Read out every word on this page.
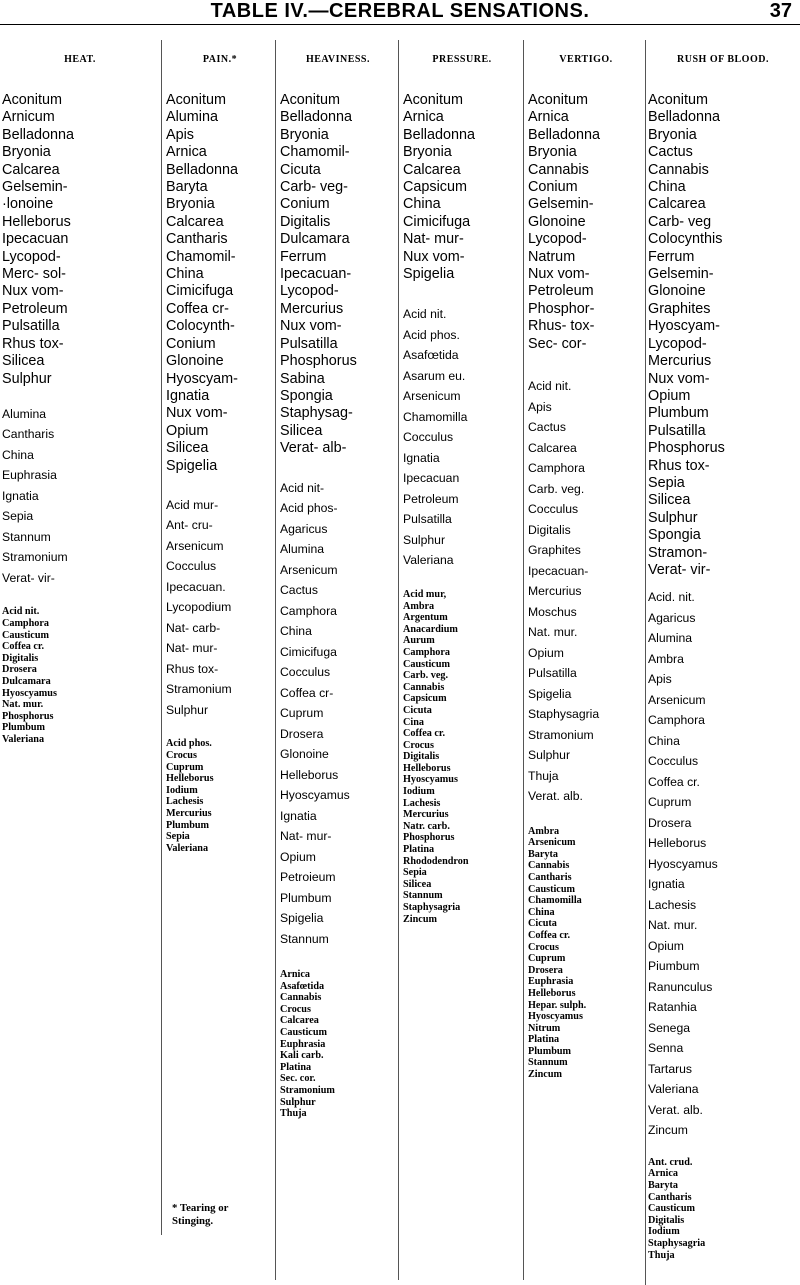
TABLE IV.—CEREBRAL SENSATIONS.	37
HEAT.
Aconitum
Arnicum
Belladonna
Bryonia
Calcarea
Gelsemin-
·lonoine
Helleborus
Ipecacuan
Lycopod-
Merc- sol-
Nux vom-
Petroleum
Pulsatilla
Rhus tox-
Silicea
Sulphur
Alumina
Cantharis
China
Euphrasia
Ignatia
Sepia
Stannum
Stramonium
Verat- vir-
Acid nit.
Camphora
Causticum
Coffea cr.
Digitalis
Drosera
Dulcamara
Hyoscyamus
Nat. mur.
Phosphorus
Plumbum
Valeriana
PAIN.*
Aconitum
Alumina
Apis
Arnica
Belladonna
Baryta
Bryonia
Calcarea
Cantharis
Chamomil-
China
Cimicifuga
Coffea cr-
Colocynth-
Conium
Glonoine
Hyoscyam-
Ignatia
Nux vom-
Opium
Silicea
Spigelia
Acid mur-
Ant- cru-
Arsenicum
Cocculus
Ipecacuan.
Lycopodium
Nat- carb-
Nat- mur-
Rhus tox-
Stramonium
Sulphur
Acid phos.
Crocus
Cuprum
Helleborus
Iodium
Lachesis
Mercurius
Plumbum
Sepia
Valeriana
* Tearing or
Stinging.
HEAVINESS.
Aconitum
Belladonna
Bryonia
Chamomil-
Cicuta
Carb- veg-
Conium
Digitalis
Dulcamara
Ferrum
Ipecacuan-
Lycopod-
Mercurius
Nux vom-
Pulsatilla
Phosphorus
Sabina
Spongia
Staphysag-
Silicea
Verat- alb-
Acid nit-
Acid phos-
Agaricus
Alumina
Arsenicum
Cactus
Camphora
China
Cimicifuga
Cocculus
Coffea cr-
Cuprum
Drosera
Glonoine
Helleborus
Hyoscyamus
Ignatia
Nat- mur-
Opium
Petroieum
Plumbum
Spigelia
Stannum
Arnica
Asafœtida
Cannabis
Crocus
Calcarea
Causticum
Euphrasia
Kali carb.
Platina
Sec. cor.
Stramonium
Sulphur
Thuja
PRESSURE.
Aconitum
Arnica
Belladonna
Bryonia
Calcarea
Capsicum
China
Cimicifuga
Nat- mur-
Nux vom-
Spigelia
Acid nit.
Acid phos.
Asafœtida
Asarum eu.
Arsenicum
Chamomilla
Cocculus
Ignatia
Ipecacuan
Petroleum
Pulsatilla
Sulphur
Valeriana
Acid mur,
Ambra
Argentum
Anacardium
Aurum
Camphora
Causticum
Carb. veg.
Cannabis
Capsicum
Cicuta
Cina
Coffea cr.
Crocus
Digitalis
Helleborus
Hyoscyamus
Iodium
Lachesis
Mercurius
Natr. carb.
Phosphorus
Platina
Rhododendron
Sepia
Silicea
Stannum
Staphysagria
Zincum
VERTIGO.
Aconitum
Arnica
Belladonna
Bryonia
Cannabis
Conium
Gelsemin-
Glonoine
Lycopod-
Natrum
Nux vom-
Petroleum
Phosphor-
Rhus- tox-
Sec- cor-
Acid nit.
Apis
Cactus
Calcarea
Camphora
Carb. veg.
Cocculus
Digitalis
Graphites
Ipecacuan-
Mercurius
Moschus
Nat. mur.
Opium
Pulsatilla
Spigelia
Staphysagria
Stramonium
Sulphur
Thuja
Verat. alb.
Ambra
Arsenicum
Baryta
Cannabis
Cantharis
Causticum
Chamomilla
China
Cicuta
Coffea cr.
Crocus
Cuprum
Drosera
Euphrasia
Helleborus
Hepar. sulph.
Hyoscyamus
Nitrum
Platina
Plumbum
Stannum
Zincum
RUSH OF BLOOD.
Aconitum
Belladonna
Bryonia
Cactus
Cannabis
China
Calcarea
Carb- veg
Colocynthis
Ferrum
Gelsemin-
Glonoine
Graphites
Hyoscyam-
Lycopod-
Mercurius
Nux vom-
Opium
Plumbum
Pulsatilla
Phosphorus
Rhus tox-
Sepia
Silicea
Sulphur
Spongia
Stramon-
Verat- vir-
Acid. nit.
Agaricus
Alumina
Ambra
Apis
Arsenicum
Camphora
China
Cocculus
Coffea cr.
Cuprum
Drosera
Helleborus
Hyoscyamus
Ignatia
Lachesis
Nat. mur.
Opium
Piumbum
Ranunculus
Ratanhia
Senega
Senna
Tartarus
Valeriana
Verat. alb.
Zincum
Ant. crud.
Arnica
Baryta
Cantharis
Causticum
Digitalis
Iodium
Staphysagria
Thuja
